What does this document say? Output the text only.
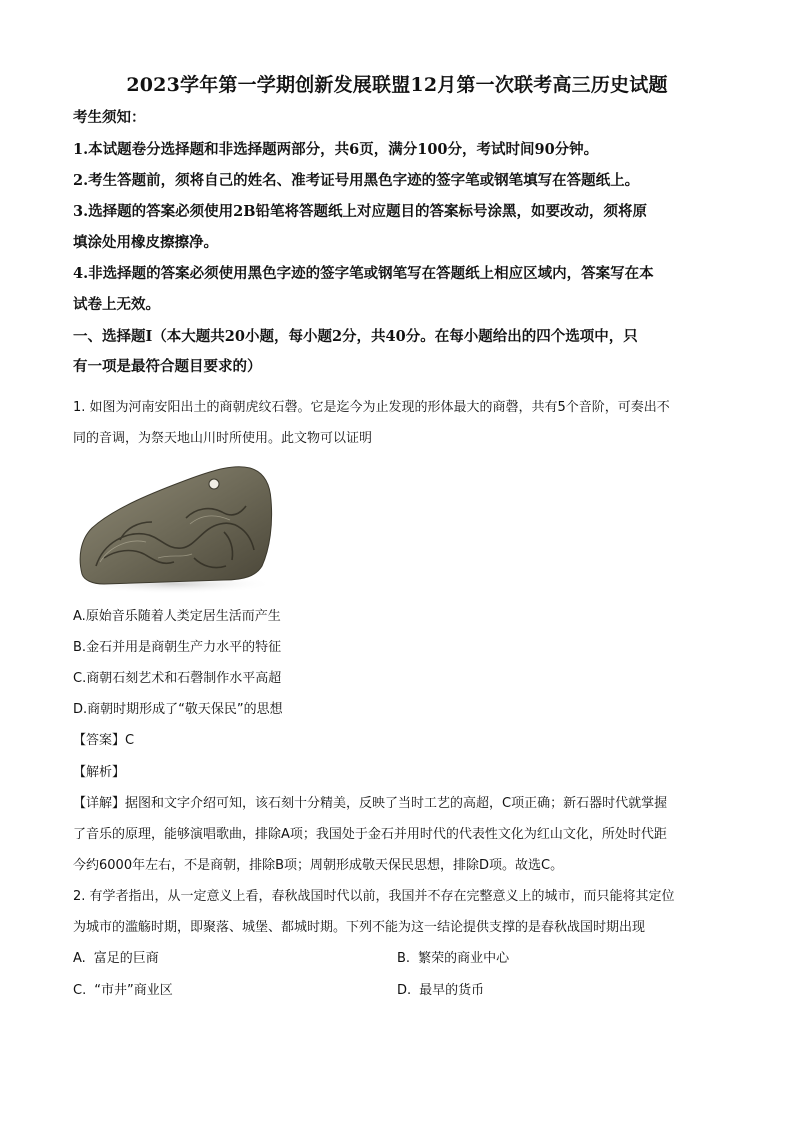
2023学年第一学期创新发展联盟12月第一次联考高三历史试题
考生须知：
1.本试题卷分选择题和非选择题两部分，共6页，满分100分，考试时间90分钟。
2.考生答题前，须将自己的姓名、准考证号用黑色字迹的签字笔或钢笔填写在答题纸上。
3.选择题的答案必须使用2B铅笔将答题纸上对应题目的答案标号涂黑，如要改动，须将原
填涂处用橡皮擦擦净。
4.非选择题的答案必须使用黑色字迹的签字笔或钢笔写在答题纸上相应区域内，答案写在本
试卷上无效。
一、选择题Ⅰ（本大题共20小题，每小题2分，共40分。在每小题给出的四个选项中，只
有一项是最符合题目要求的）
1. 如图为河南安阳出土的商朝虎纹石磬。它是迄今为止发现的形体最大的商磬，共有5个音阶，可奏出不
同的音调，为祭天地山川时所使用。此文物可以证明
A.原始音乐随着人类定居生活而产生
B.金石并用是商朝生产力水平的特征
C.商朝石刻艺术和石磬制作水平高超
D.商朝时期形成了“敬天保民”的思想
【答案】C
【解析】
【详解】据图和文字介绍可知，该石刻十分精美，反映了当时工艺的高超，C项正确；新石器时代就掌握
了音乐的原理，能够演唱歌曲，排除A项；我国处于金石并用时代的代表性文化为红山文化，所处时代距
今约6000年左右，不是商朝，排除B项；周朝形成敬天保民思想，排除D项。故选C。
2. 有学者指出，从一定意义上看，春秋战国时代以前，我国并不存在完整意义上的城市，而只能将其定位
为城市的滥觞时期，即聚落、城堡、都城时期。下列不能为这一结论提供支撑的是春秋战国时期出现
A. 富足的巨商	B. 繁荣的商业中心
C. “市井”商业区	D. 最早的货币
